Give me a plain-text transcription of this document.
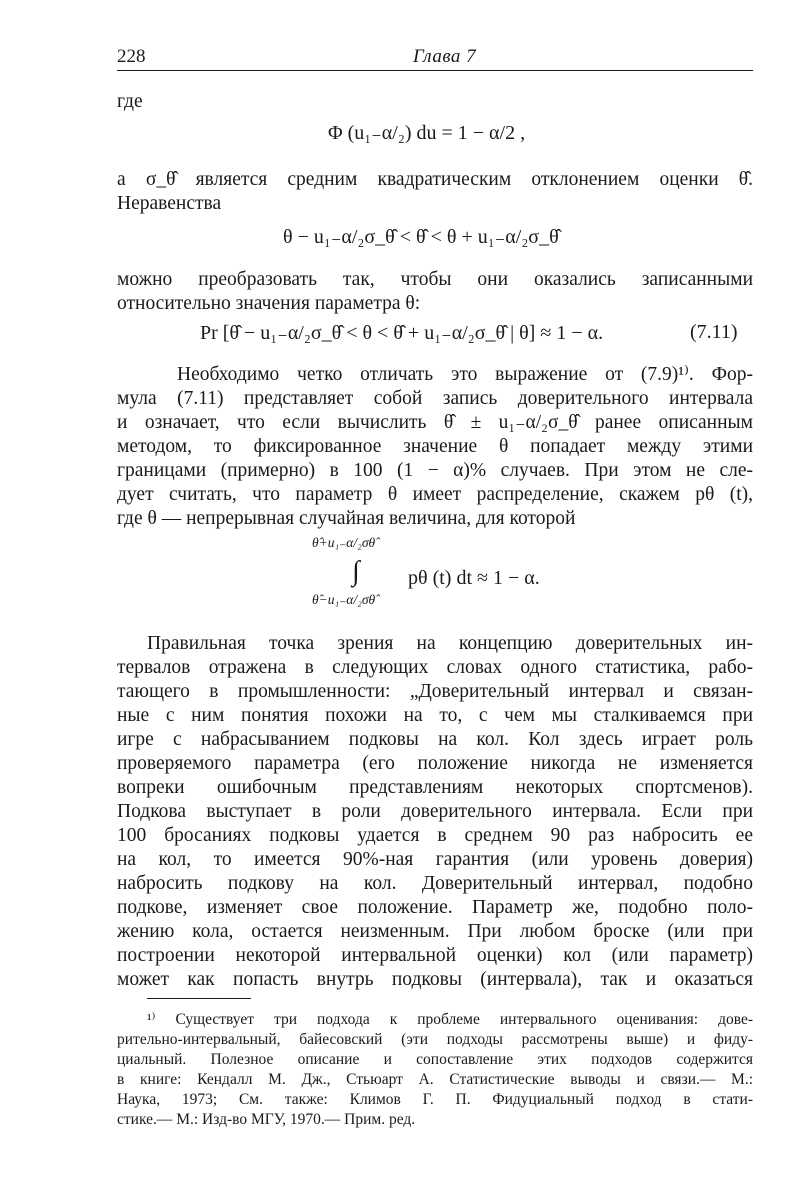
228	Глава 7
где
Φ (u₁₋α/₂) du = 1 − α/2 ,
а σ_θ̂ является средним квадратическим отклонением оценки θ̂.
Неравенства
θ − u₁₋α/₂σ_θ̂ < θ̂ < θ + u₁₋α/₂σ_θ̂
можно преобразовать так, чтобы они оказались записанными
относительно значения параметра θ:
Pr [θ̂ − u₁₋α/₂σ_θ̂ < θ < θ̂ + u₁₋α/₂σ_θ̂ | θ] ≈ 1 − α.	(7.11)
Необходимо четко отличать это выражение от (7.9)¹⁾. Фор-
мула (7.11) представляет собой запись доверительного интервала
и означает, что если вычислить θ̂ ± u₁₋α/₂σ_θ̂ ранее описанным
методом, то фиксированное значение θ попадает между этими
границами (примерно) в 100 (1 − α)% случаев. При этом не сле-
дует считать, что параметр θ имеет распределение, скажем pθ (t),
где θ — непрерывная случайная величина, для которой
θ̂+u₁₋α/₂σθ̂
∫
θ̂−u₁₋α/₂σθ̂
pθ (t) dt ≈ 1 − α.
Правильная точка зрения на концепцию доверительных ин-
тервалов отражена в следующих словах одного статистика, рабо-
тающего в промышленности: „Доверительный интервал и связан-
ные с ним понятия похожи на то, с чем мы сталкиваемся при
игре с набрасыванием подковы на кол. Кол здесь играет роль
проверяемого параметра (его положение никогда не изменяется
вопреки ошибочным представлениям некоторых спортсменов).
Подкова выступает в роли доверительного интервала. Если при
100 бросаниях подковы удается в среднем 90 раз набросить ее
на кол, то имеется 90%-ная гарантия (или уровень доверия)
набросить подкову на кол. Доверительный интервал, подобно
подкове, изменяет свое положение. Параметр же, подобно поло-
жению кола, остается неизменным. При любом броске (или при
построении некоторой интервальной оценки) кол (или параметр)
может как попасть внутрь подковы (интервала), так и оказаться
¹⁾ Существует три подхода к проблеме интервального оценивания: дове-
рительно-интервальный, байесовский (эти подходы рассмотрены выше) и фиду-
циальный. Полезное описание и сопоставление этих подходов содержится
в книге: Кендалл М. Дж., Стьюарт А. Статистические выводы и связи.— М.:
Наука, 1973; См. также: Климов Г. П. Фидуциальный подход в стати-
стике.— М.: Изд-во МГУ, 1970.— Прим. ред.
